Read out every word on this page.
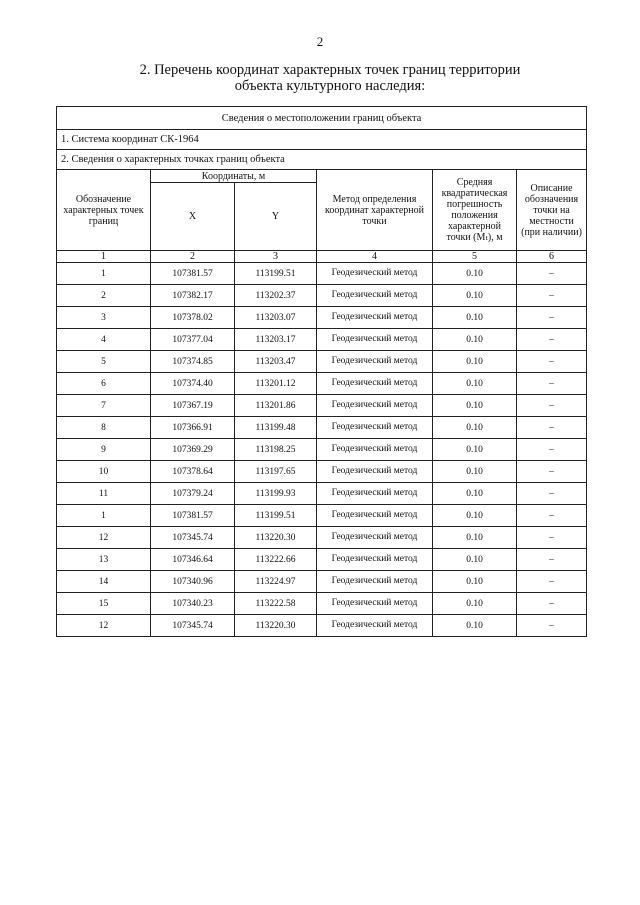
2
2. Перечень координат характерных точек границ территории
объекта культурного наследия:
Сведения о местоположении границ объекта					
1. Система координат СК-1964					
2. Сведения о характерных точках границ объекта					
Обозначение характерных точек границ	Координаты, м		Метод определения координат характерной точки	Средняя квадратическая погрешность положения характерной точки (Мₜ), м	Описание обозначения точки на местности (при наличии)
	X	Y			
1	2	3	4	5	6
1	107381.57	113199.51	Геодезический метод	0.10	–
2	107382.17	113202.37	Геодезический метод	0.10	–
3	107378.02	113203.07	Геодезический метод	0.10	–
4	107377.04	113203.17	Геодезический метод	0.10	–
5	107374.85	113203.47	Геодезический метод	0.10	–
6	107374.40	113201.12	Геодезический метод	0.10	–
7	107367.19	113201.86	Геодезический метод	0.10	–
8	107366.91	113199.48	Геодезический метод	0.10	–
9	107369.29	113198.25	Геодезический метод	0.10	–
10	107378.64	113197.65	Геодезический метод	0.10	–
11	107379.24	113199.93	Геодезический метод	0.10	–
1	107381.57	113199.51	Геодезический метод	0.10	–
12	107345.74	113220.30	Геодезический метод	0.10	–
13	107346.64	113222.66	Геодезический метод	0.10	–
14	107340.96	113224.97	Геодезический метод	0.10	–
15	107340.23	113222.58	Геодезический метод	0.10	–
12	107345.74	113220.30	Геодезический метод	0.10	–
